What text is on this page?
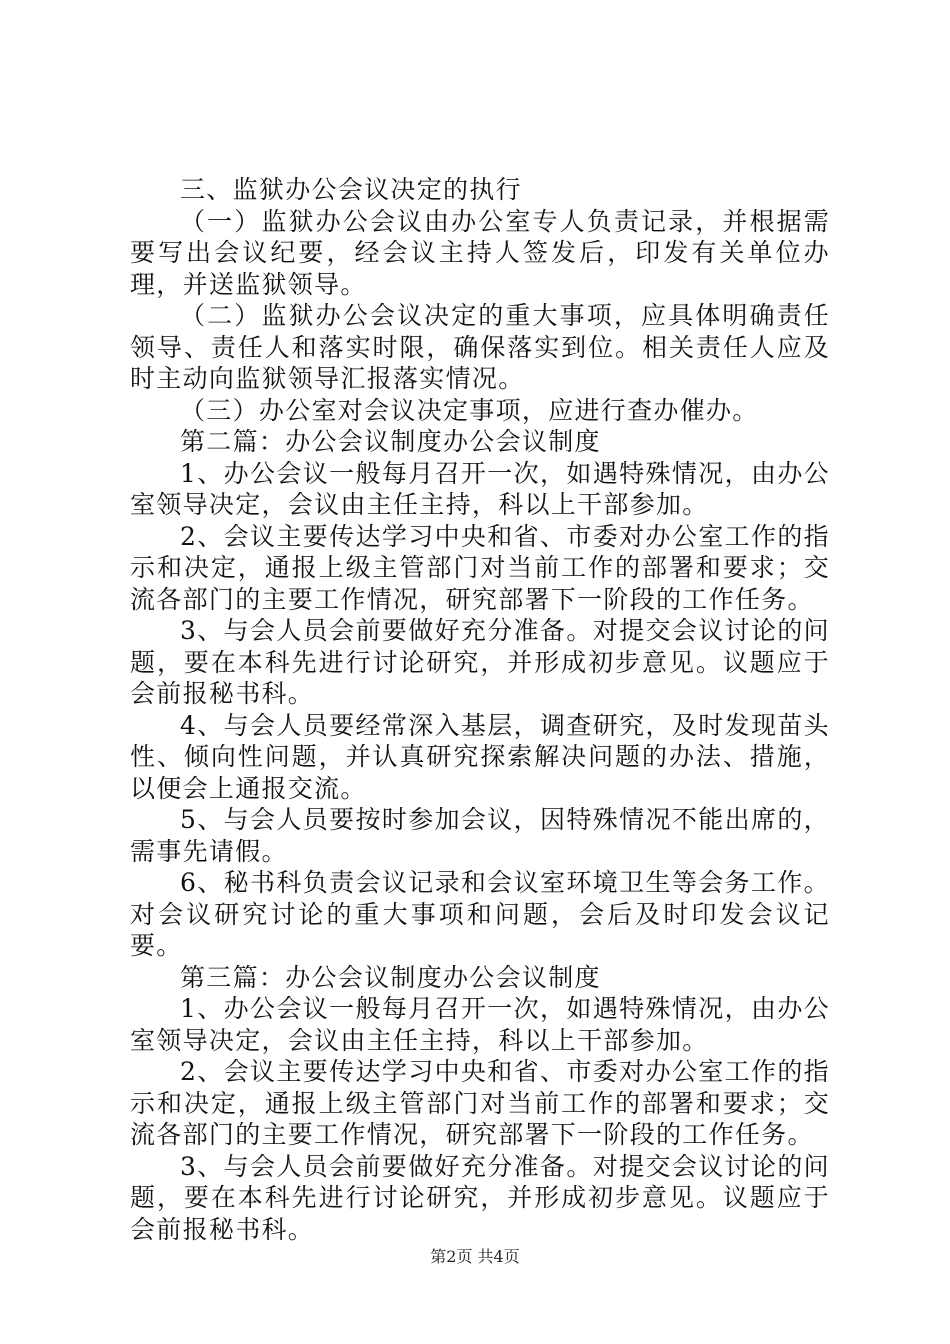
三、监狱办公会议决定的执行

（一）监狱办公会议由办公室专人负责记录，并根据需要写出会议纪要，经会议主持人签发后，印发有关单位办理，并送监狱领导。

（二）监狱办公会议决定的重大事项，应具体明确责任领导、责任人和落实时限，确保落实到位。相关责任人应及时主动向监狱领导汇报落实情况。

（三）办公室对会议决定事项，应进行查办催办。

第二篇：办公会议制度办公会议制度

1、办公会议一般每月召开一次，如遇特殊情况，由办公室领导决定，会议由主任主持，科以上干部参加。

2、会议主要传达学习中央和省、市委对办公室工作的指示和决定，通报上级主管部门对当前工作的部署和要求；交流各部门的主要工作情况，研究部署下一阶段的工作任务。

3、与会人员会前要做好充分准备。对提交会议讨论的问题，要在本科先进行讨论研究，并形成初步意见。议题应于会前报秘书科。

4、与会人员要经常深入基层，调查研究，及时发现苗头性、倾向性问题，并认真研究探索解决问题的办法、措施，以便会上通报交流。

5、与会人员要按时参加会议，因特殊情况不能出席的，需事先请假。

6、秘书科负责会议记录和会议室环境卫生等会务工作。对会议研究讨论的重大事项和问题，会后及时印发会议记要。

第三篇：办公会议制度办公会议制度

1、办公会议一般每月召开一次，如遇特殊情况，由办公室领导决定，会议由主任主持，科以上干部参加。

2、会议主要传达学习中央和省、市委对办公室工作的指示和决定，通报上级主管部门对当前工作的部署和要求；交流各部门的主要工作情况，研究部署下一阶段的工作任务。

3、与会人员会前要做好充分准备。对提交会议讨论的问题，要在本科先进行讨论研究，并形成初步意见。议题应于会前报秘书科。

第2页 共4页
